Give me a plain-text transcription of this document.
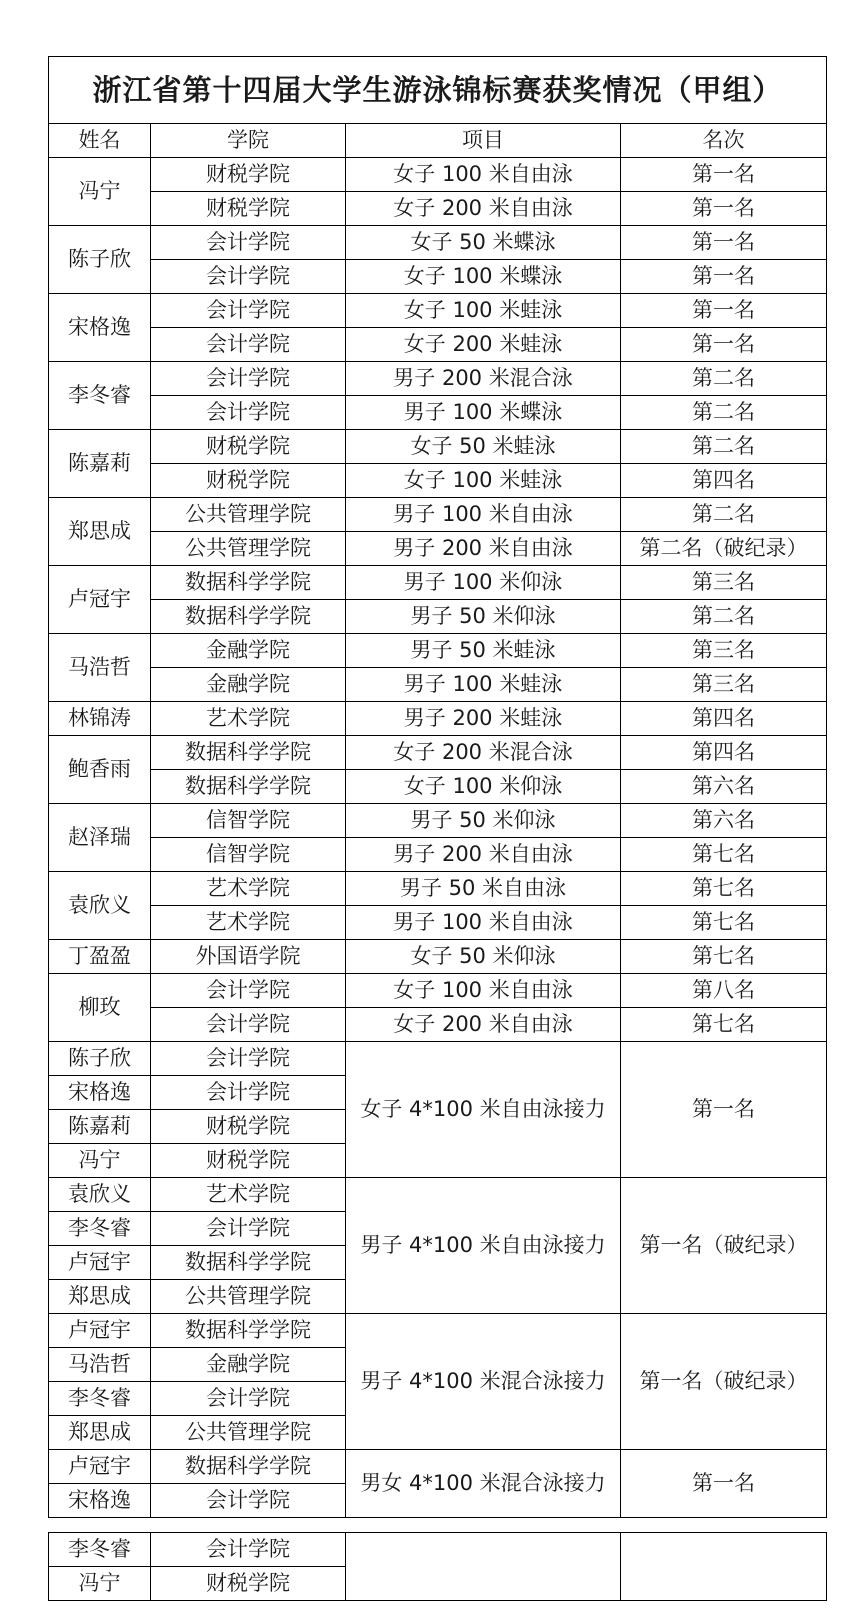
浙江省第十四届大学生游泳锦标赛获奖情况（甲组）			
姓名	学院	项目	名次
冯宁	财税学院	女子 100 米自由泳	第一名
	财税学院	女子 200 米自由泳	第一名
陈子欣	会计学院	女子 50 米蝶泳	第一名
	会计学院	女子 100 米蝶泳	第一名
宋格逸	会计学院	女子 100 米蛙泳	第一名
	会计学院	女子 200 米蛙泳	第一名
李冬睿	会计学院	男子 200 米混合泳	第二名
	会计学院	男子 100 米蝶泳	第二名
陈嘉莉	财税学院	女子 50 米蛙泳	第二名
	财税学院	女子 100 米蛙泳	第四名
郑思成	公共管理学院	男子 100 米自由泳	第二名
	公共管理学院	男子 200 米自由泳	第二名（破纪录）
卢冠宇	数据科学学院	男子 100 米仰泳	第三名
	数据科学学院	男子 50 米仰泳	第二名
马浩哲	金融学院	男子 50 米蛙泳	第三名
	金融学院	男子 100 米蛙泳	第三名
林锦涛	艺术学院	男子 200 米蛙泳	第四名
鲍香雨	数据科学学院	女子 200 米混合泳	第四名
	数据科学学院	女子 100 米仰泳	第六名
赵泽瑞	信智学院	男子 50 米仰泳	第六名
	信智学院	男子 200 米自由泳	第七名
袁欣义	艺术学院	男子 50 米自由泳	第七名
	艺术学院	男子 100 米自由泳	第七名
丁盈盈	外国语学院	女子 50 米仰泳	第七名
柳玫	会计学院	女子 100 米自由泳	第八名
	会计学院	女子 200 米自由泳	第七名
陈子欣	会计学院	女子 4*100 米自由泳接力	第一名
宋格逸	会计学院		
陈嘉莉	财税学院		
冯宁	财税学院		
袁欣义	艺术学院	男子 4*100 米自由泳接力	第一名（破纪录）
李冬睿	会计学院		
卢冠宇	数据科学学院		
郑思成	公共管理学院		
卢冠宇	数据科学学院	男子 4*100 米混合泳接力	第一名（破纪录）
马浩哲	金融学院		
李冬睿	会计学院		
郑思成	公共管理学院		
卢冠宇	数据科学学院	男女 4*100 米混合泳接力	第一名
宋格逸	会计学院		
李冬睿	会计学院		
冯宁	财税学院		
